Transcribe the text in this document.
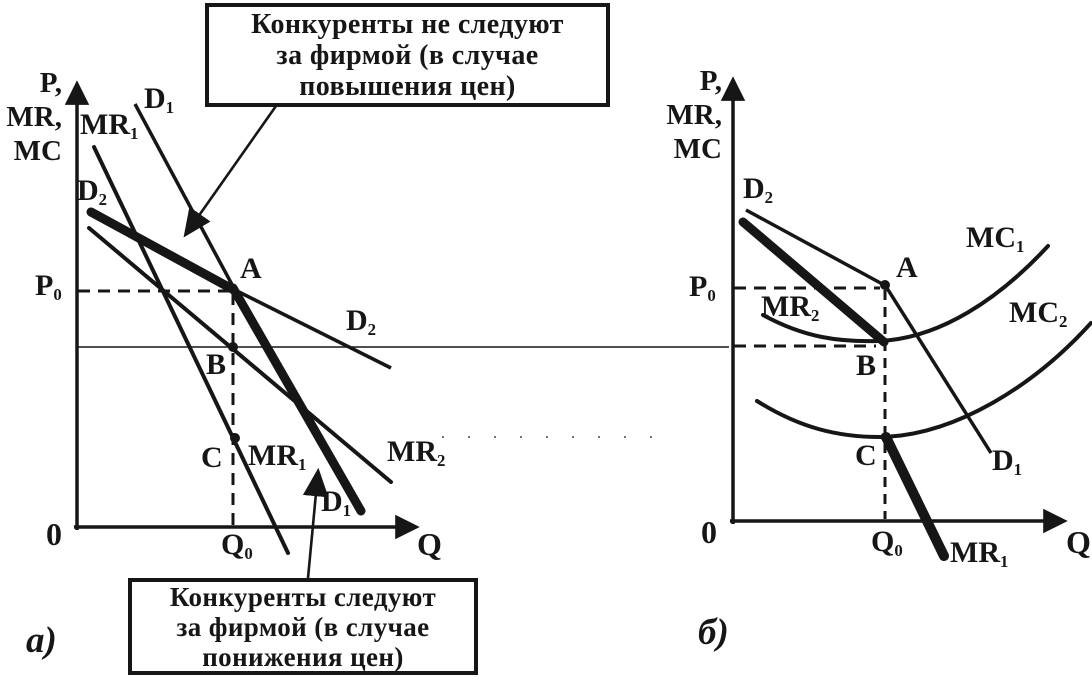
Конкуренты не следуют
за фирмой (в случае
повышения цен)
Конкуренты следуют
за фирмой (в случае
понижения цен)
P,
MR,
MC
D1
MR1
D2
P0
A
B
C
D2
MR1	MR2
D1
0	Q0	Q
a)
P,
MR,
MC
D2
MC1
P0
A
MR2	MC2
B
C	D1
0	Q0 MR1
Q
б)
